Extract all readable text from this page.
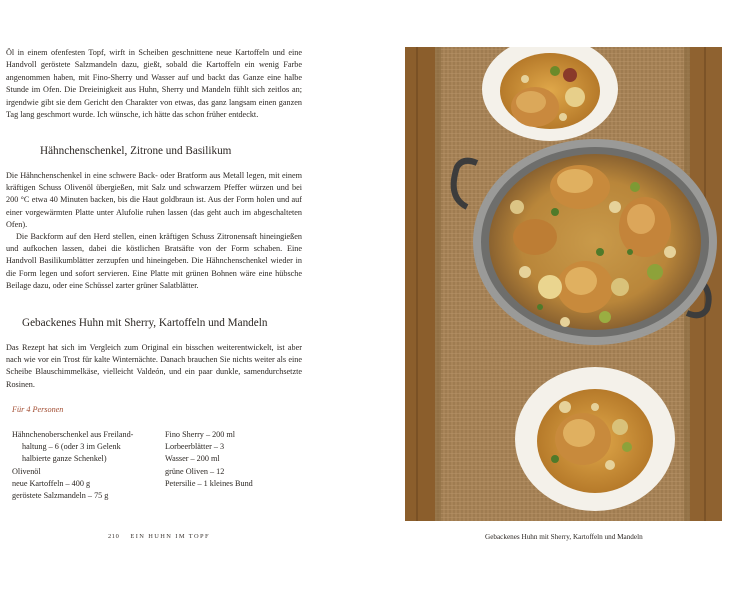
Öl in einem ofenfesten Topf, wirft in Scheiben geschnittene neue Kartoffeln und eine Handvoll geröstete Salzmandeln dazu, gießt, sobald die Kartoffeln ein wenig Farbe angenommen haben, mit Fino-Sherry und Wasser auf und backt das Ganze eine halbe Stunde im Ofen. Die Dreieinigkeit aus Huhn, Sherry und Mandeln fühlt sich zeitlos an; irgendwie gibt sie dem Gericht den Charakter von etwas, das ganz langsam einen ganzen Tag lang geschmort wurde. Ich wünsche, ich hätte das schon früher entdeckt.

Hähnchenschenkel, Zitrone und Basilikum

Die Hähnchenschenkel in eine schwere Back- oder Bratform aus Metall legen, mit einem kräftigen Schuss Olivenöl übergießen, mit Salz und schwarzem Pfeffer würzen und bei 200 °C etwa 40 Minuten backen, bis die Haut goldbraun ist. Aus der Form holen und auf einer vorgewärmten Platte unter Alufolie ruhen lassen (das geht auch im abgeschalteten Ofen).

Die Backform auf den Herd stellen, einen kräftigen Schuss Zitronensaft hineingießen und aufkochen lassen, dabei die köstlichen Bratsäfte von der Form schaben. Eine Handvoll Basilikumblätter zerzupfen und hineingeben. Die Hähnchenschenkel wieder in die Form legen und sofort servieren. Eine Platte mit grünen Bohnen wäre eine hübsche Beilage dazu, oder eine Schüssel zarter grüner Salatblätter.

Gebackenes Huhn mit Sherry, Kartoffeln und Mandeln

Das Rezept hat sich im Vergleich zum Original ein bisschen weiterentwickelt, ist aber nach wie vor ein Trost für kalte Winternächte. Danach brauchen Sie nichts weiter als eine Scheibe Blauschimmelkäse, vielleicht Valdeón, und ein paar dunkle, samendurchsetzte Rosinen.

Für 4 Personen
Hähnchenoberschenkel aus Freiland-
haltung – 6 (oder 3 im Gelenk
halbierte ganze Schenkel)
Olivenöl
neue Kartoffeln – 400 g
geröstete Salzmandeln – 75 g
Fino Sherry – 200 ml
Lorbeerblätter – 3
Wasser – 200 ml
grüne Oliven – 12
Petersilie – 1 kleines Bund
210 EIN HUHN IM TOPF	Gebackenes Huhn mit Sherry, Kartoffeln und Mandeln
